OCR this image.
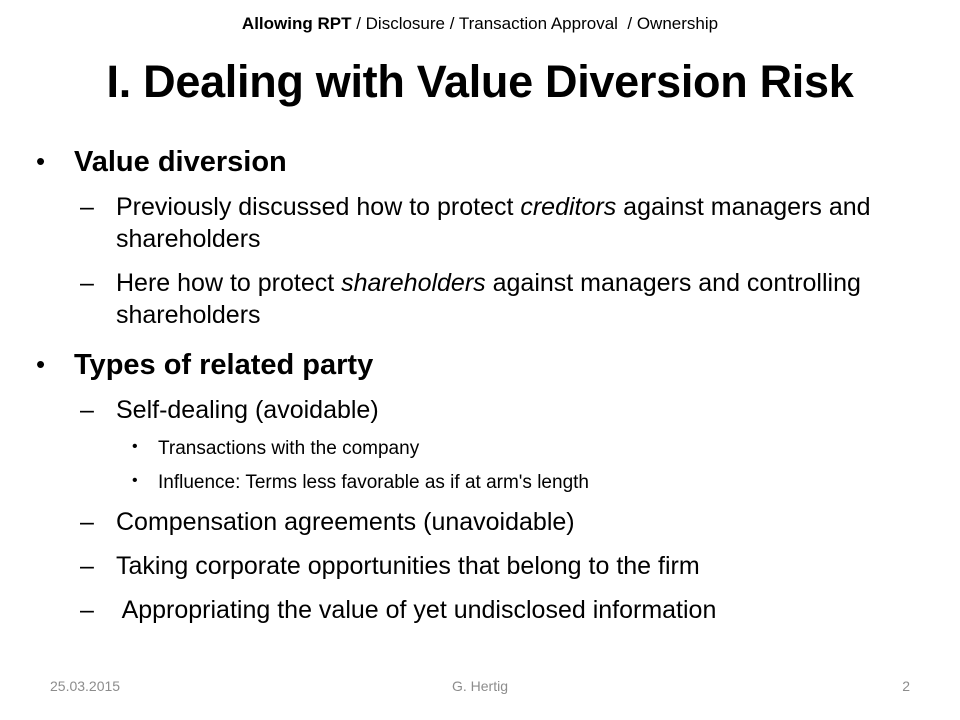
Allowing RPT / Disclosure / Transaction Approval  / Ownership
I. Dealing with Value Diversion Risk
• Value diversion
– Previously discussed how to protect creditors against managers and shareholders
– Here how to protect shareholders against managers and controlling shareholders
• Types of related party
– Self-dealing (avoidable)
• Transactions with the company
• Influence: Terms less favorable as if at arm's length
– Compensation agreements (unavoidable)
– Taking corporate opportunities that belong to the firm
– Appropriating the value of yet undisclosed information
25.03.2015	G. Hertig	2
